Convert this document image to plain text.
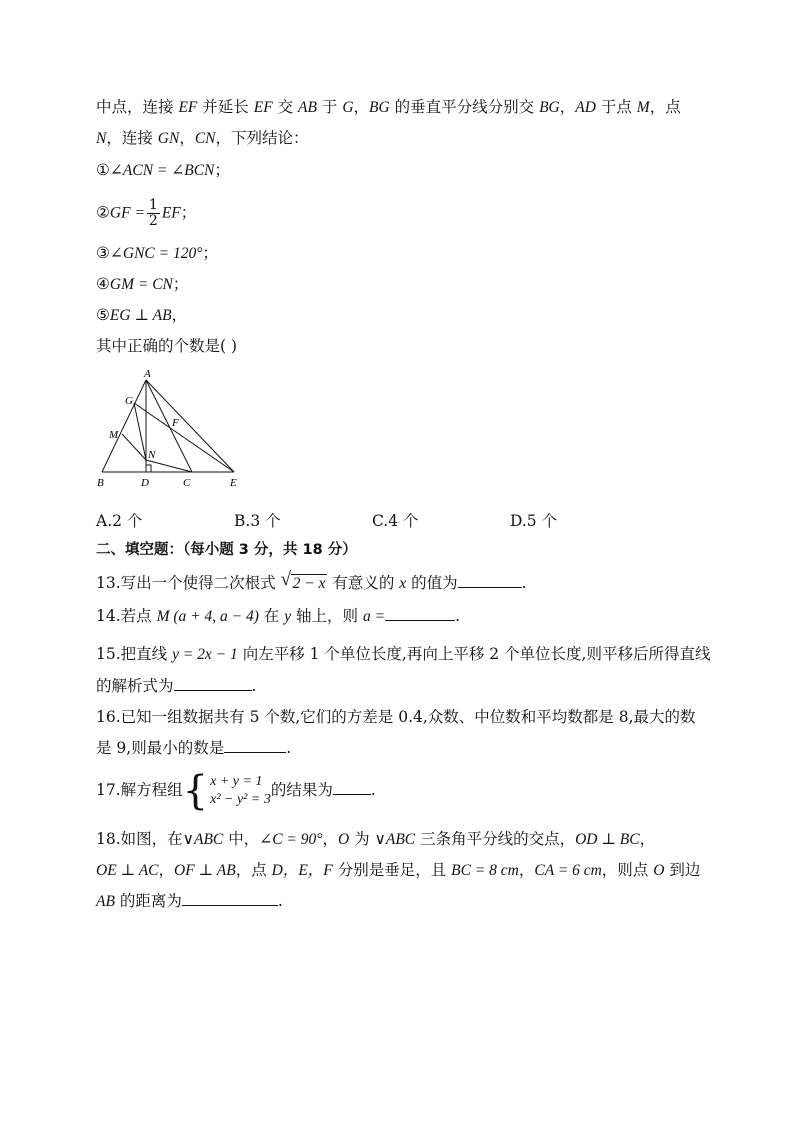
中点，连接 EF 并延长 EF 交 AB 于 G，BG 的垂直平分线分别交 BG，AD 于点 M，点
N，连接 GN，CN，下列结论：
①∠ACN = ∠BCN；
②GF = $\frac{1}{2}$ EF；
③∠GNC = 120°；
④GM = CN；
⑤EG ⊥ AB，
其中正确的个数是( )
A
G
F
M
N
B	D	C	E
A.2 个	B.3 个	C.4 个	D.5 个
二、填空题：（每小题 3 分，共 18 分）
13.写出一个使得二次根式 √ 2 − x 有意义的 x 的值为	.
14.若点 M (a + 4, a − 4) 在 y 轴上，则 a =	.
15.把直线 y = 2x − 1 向左平移 1 个单位长度,再向上平移 2 个单位长度,则平移后所得直线
的解析式为	.
16.已知一组数据共有 5 个数,它们的方差是 0.4,众数、中位数和平均数都是 8,最大的数
是 9,则最小的数是	.
17.解方程组{ x + y = 1
x² − y² = 3
的结果为 .
18.如图，在∨ABC 中，∠C = 90°，O 为 ∨ABC 三条角平分线的交点，OD ⊥ BC，
OE ⊥ AC，OF ⊥ AB，点 D，E，F 分别是垂足，且 BC = 8 cm，CA = 6 cm，则点 O 到边
AB 的距离为	.
